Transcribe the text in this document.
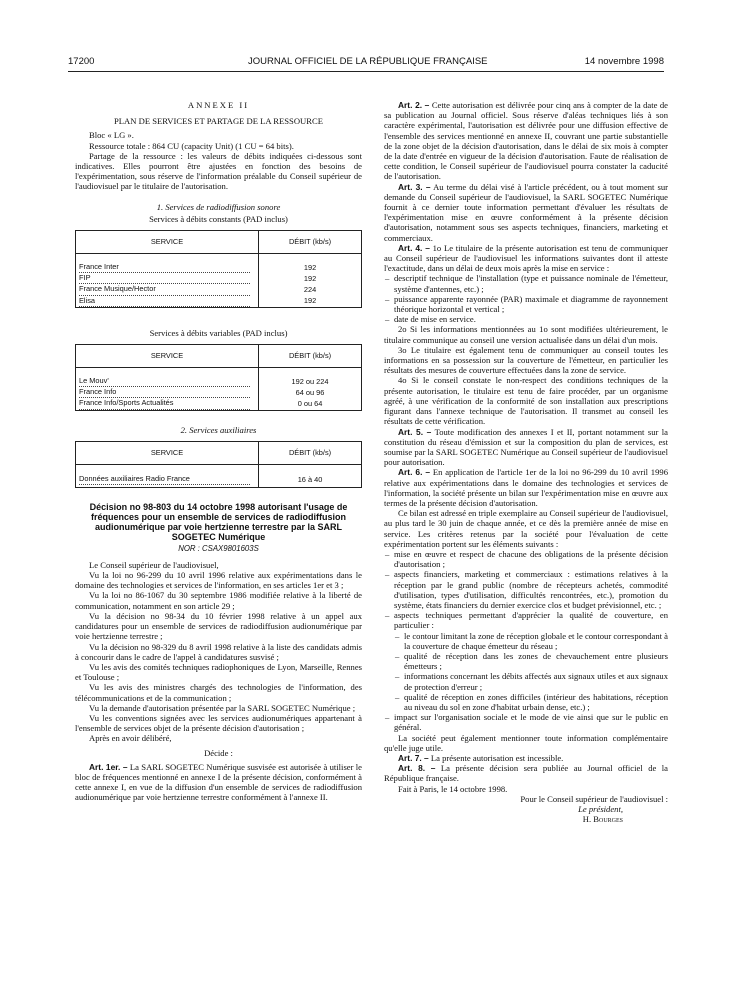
17200	JOURNAL OFFICIEL DE LA RÉPUBLIQUE FRANÇAISE	14 novembre 1998

ANNEXE II

PLAN DE SERVICES ET PARTAGE DE LA RESSOURCE

Bloc « LG ».

Ressource totale : 864 CU (capacity Unit) (1 CU = 64 bits).

Partage de la ressource : les valeurs de débits indiquées ci-dessous sont indicatives. Elles pourront être ajustées en fonction des besoins de l'expérimentation, sous réserve de l'information préalable du Conseil supérieur de l'audiovisuel par le titulaire de l'autorisation.

1. Services de radiodiffusion sonore

Services à débits constants (PAD inclus)

SERVICE	DÉBIT (kb/s)

France Inter	192
FIP	192
France Musique/Hector	224
Elisa	192

Services à débits variables (PAD inclus)

SERVICE	DÉBIT (kb/s)

Le Mouv'	192 ou 224
France Info	64 ou 96
France Info/Sports Actualités	0 ou 64

2. Services auxiliaires

SERVICE	DÉBIT (kb/s)

Données auxiliaires Radio France	16 à 40

Décision no 98-803 du 14 octobre 1998 autorisant l'usage de fréquences pour un ensemble de services de radiodiffusion audionumérique par voie hertzienne terrestre par la SARL SOGETEC Numérique

NOR : CSAX9801603S

Le Conseil supérieur de l'audiovisuel,

Vu la loi no 96-299 du 10 avril 1996 relative aux expérimentations dans le domaine des technologies et services de l'information, en ses articles 1er et 3 ;

Vu la loi no 86-1067 du 30 septembre 1986 modifiée relative à la liberté de communication, notamment en son article 29 ;

Vu la décision no 98-34 du 10 février 1998 relative à un appel aux candidatures pour un ensemble de services de radiodiffusion audionumérique par voie hertzienne terrestre ;

Vu la décision no 98-329 du 8 avril 1998 relative à la liste des candidats admis à concourir dans le cadre de l'appel à candidatures susvisé ;

Vu les avis des comités techniques radiophoniques de Lyon, Marseille, Rennes et Toulouse ;

Vu les avis des ministres chargés des technologies de l'information, des télécommunications et de la communication ;

Vu la demande d'autorisation présentée par la SARL SOGETEC Numérique ;

Vu les conventions signées avec les services audionumériques appartenant à l'ensemble de services objet de la présente décision d'autorisation ;

Après en avoir délibéré,

Décide :

Art. 1er. – La SARL SOGETEC Numérique susvisée est autorisée à utiliser le bloc de fréquences mentionné en annexe I de la présente décision, conformément à cette annexe I, en vue de la diffusion d'un ensemble de services de radiodiffusion audionumérique par voie hertzienne terrestre conformément à l'annexe II.

Art. 2. – Cette autorisation est délivrée pour cinq ans à compter de la date de sa publication au Journal officiel. Sous réserve d'aléas techniques liés à son caractère expérimental, l'autorisation est délivrée pour une diffusion effective de l'ensemble des services mentionné en annexe II, couvrant une partie substantielle de la zone objet de la décision d'autorisation, dans le délai de six mois à compter de la date d'entrée en vigueur de la décision d'autorisation. Faute de réalisation de cette condition, le Conseil supérieur de l'audiovisuel pourra constater la caducité de l'autorisation.

Art. 3. – Au terme du délai visé à l'article précédent, ou à tout moment sur demande du Conseil supérieur de l'audiovisuel, la SARL SOGETEC Numérique fournit à ce dernier toute information permettant d'évaluer les résultats de l'expérimentation mise en œuvre conformément à la présente décision d'autorisation, notamment sous ses aspects techniques, financiers, marketing et commerciaux.

Art. 4. – 1o Le titulaire de la présente autorisation est tenu de communiquer au Conseil supérieur de l'audiovisuel les informations suivantes dont il atteste l'exactitude, dans un délai de deux mois après la mise en service :

– descriptif technique de l'installation (type et puissance nominale de l'émetteur, système d'antennes, etc.) ;
– puissance apparente rayonnée (PAR) maximale et diagramme de rayonnement théorique horizontal et vertical ;
– date de mise en service.

2o Si les informations mentionnées au 1o sont modifiées ultérieurement, le titulaire communique au conseil une version actualisée dans un délai d'un mois.

3o Le titulaire est également tenu de communiquer au conseil toutes les informations en sa possession sur la couverture de l'émetteur, en particulier les résultats des mesures de couverture effectuées dans la zone de service.

4o Si le conseil constate le non-respect des conditions techniques de la présente autorisation, le titulaire est tenu de faire procéder, par un organisme agréé, à une vérification de la conformité de son installation aux prescriptions figurant dans l'annexe technique de l'autorisation. Il transmet au conseil les résultats de cette vérification.

Art. 5. – Toute modification des annexes I et II, portant notamment sur la constitution du réseau d'émission et sur la composition du plan de services, est soumise par la SARL SOGETEC Numérique au Conseil supérieur de l'audiovisuel pour autorisation.

Art. 6. – En application de l'article 1er de la loi no 96-299 du 10 avril 1996 relative aux expérimentations dans le domaine des technologies et services de l'information, la société présente un bilan sur l'expérimentation mise en œuvre aux termes de la présente décision d'autorisation.

Ce bilan est adressé en triple exemplaire au Conseil supérieur de l'audiovisuel, au plus tard le 30 juin de chaque année, et ce dès la première année de mise en service. Les critères retenus par la société pour l'évaluation de cette expérimentation portent sur les éléments suivants :

– mise en œuvre et respect de chacune des obligations de la présente décision d'autorisation ;
– aspects financiers, marketing et commerciaux : estimations relatives à la réception par le grand public (nombre de récepteurs achetés, commodité d'utilisation, types d'utilisation, difficultés rencontrées, etc.), promotion du système, états financiers du dernier exercice clos et budget prévisionnel, etc. ;
– aspects techniques permettant d'apprécier la qualité de couverture, en particulier :
– le contour limitant la zone de réception globale et le contour correspondant à la couverture de chaque émetteur du réseau ;
– qualité de réception dans les zones de chevauchement entre plusieurs émetteurs ;
– informations concernant les débits affectés aux signaux utiles et aux signaux de protection d'erreur ;
– qualité de réception en zones difficiles (intérieur des habitations, réception au niveau du sol en zone d'habitat urbain dense, etc.) ;
– impact sur l'organisation sociale et le mode de vie ainsi que sur le public en général.

La société peut également mentionner toute information complémentaire qu'elle juge utile.

Art. 7. – La présente autorisation est incessible.

Art. 8. – La présente décision sera publiée au Journal officiel de la République française.

Fait à Paris, le 14 octobre 1998.

Pour le Conseil supérieur de l'audiovisuel :

Le président,

H. Bourges
